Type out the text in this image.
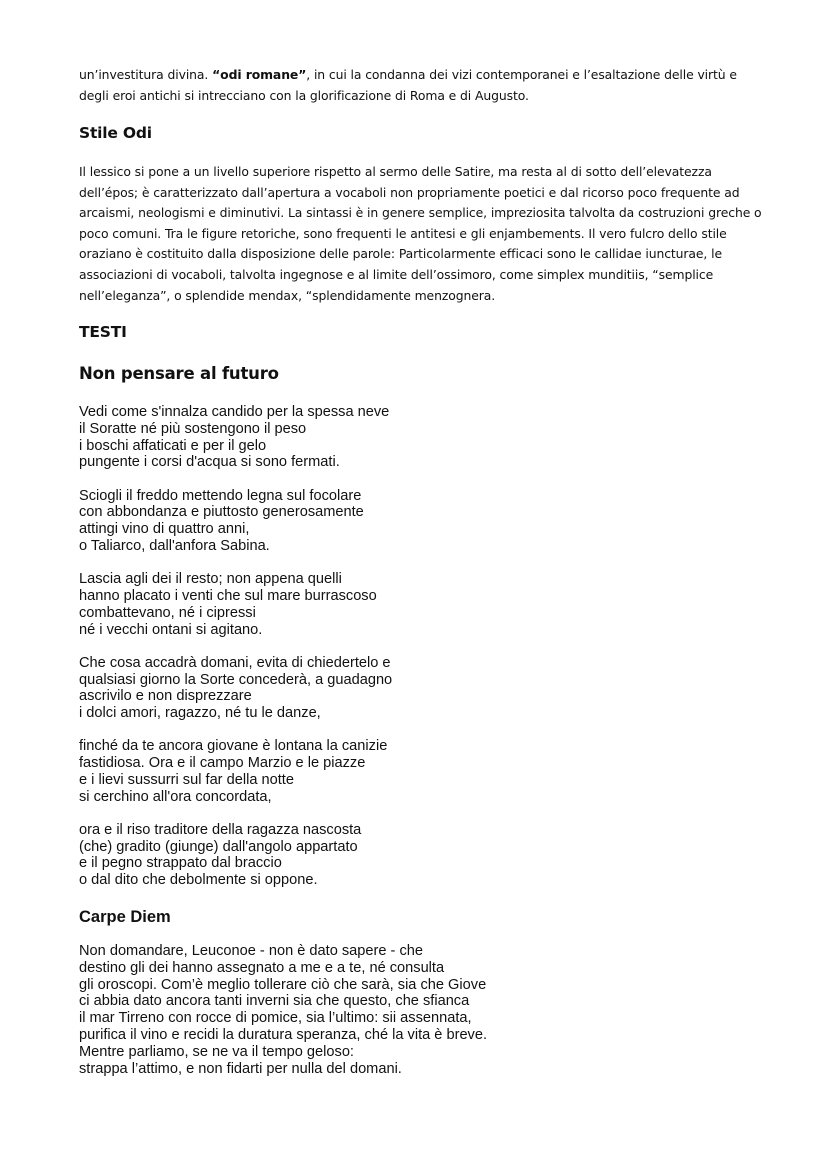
un’investitura divina. “odi romane”, in cui la condanna dei vizi contemporanei e l’esaltazione delle virtù e degli eroi antichi si intrecciano con la glorificazione di Roma e di Augusto.

Stile Odi

Il lessico si pone a un livello superiore rispetto al sermo delle Satire, ma resta al di sotto dell’elevatezza dell’épos; è caratterizzato dall’apertura a vocaboli non propriamente poetici e dal ricorso poco frequente ad arcaismi, neologismi e diminutivi. La sintassi è in genere semplice, impreziosita talvolta da costruzioni greche o poco comuni. Tra le figure retoriche, sono frequenti le antitesi e gli enjambements. Il vero fulcro dello stile oraziano è costituito dalla disposizione delle parole: Particolarmente efficaci sono le callidae iuncturae, le associazioni di vocaboli, talvolta ingegnose e al limite dell’ossimoro, come simplex munditiis, “semplice nell’eleganza”, o splendide mendax, “splendidamente menzognera.

TESTI
Non pensare al futuro
Vedi come s'innalza candido per la spessa neve
il Soratte né più sostengono il peso
i boschi affaticati e per il gelo
pungente i corsi d'acqua si sono fermati.
Sciogli il freddo mettendo legna sul focolare
con abbondanza e piuttosto generosamente
attingi vino di quattro anni,
o Taliarco, dall'anfora Sabina.
Lascia agli dei il resto; non appena quelli
hanno placato i venti che sul mare burrascoso
combattevano, né i cipressi
né i vecchi ontani si agitano.
Che cosa accadrà domani, evita di chiedertelo e
qualsiasi giorno la Sorte concederà, a guadagno
ascrivilo e non disprezzare
i dolci amori, ragazzo, né tu le danze,
finché da te ancora giovane è lontana la canizie
fastidiosa. Ora e il campo Marzio e le piazze
e i lievi sussurri sul far della notte
si cerchino all'ora concordata,
ora e il riso traditore della ragazza nascosta
(che) gradito (giunge) dall'angolo appartato
e il pegno strappato dal braccio
o dal dito che debolmente si oppone.
Carpe Diem
Non domandare, Leuconoe - non è dato sapere - che
destino gli dei hanno assegnato a me e a te, né consulta
gli oroscopi. Com’è meglio tollerare ciò che sarà, sia che Giove
ci abbia dato ancora tanti inverni sia che questo, che sfianca
il mar Tirreno con rocce di pomice, sia l’ultimo: sii assennata,
purifica il vino e recidi la duratura speranza, ché la vita è breve.
Mentre parliamo, se ne va il tempo geloso:
strappa l’attimo, e non fidarti per nulla del domani.
